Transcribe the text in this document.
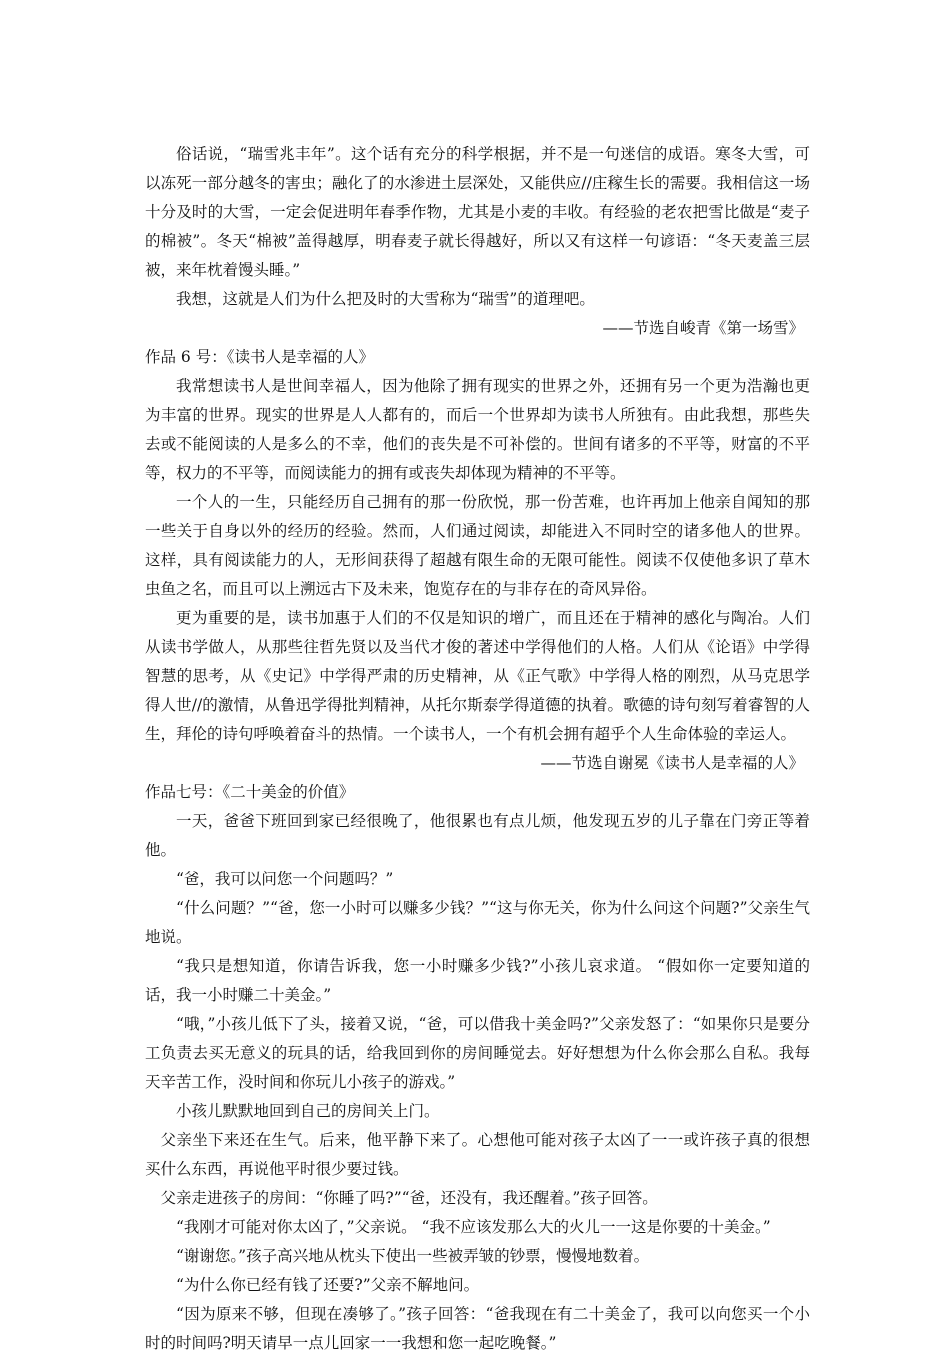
俗话说，“瑞雪兆丰年”。这个话有充分的科学根据，并不是一句迷信的成语。寒冬大雪，可以冻死一部分越冬的害虫；融化了的水渗进土层深处，又能供应//庄稼生长的需要。我相信这一场十分及时的大雪，一定会促进明年春季作物，尤其是小麦的丰收。有经验的老农把雪比做是“麦子的棉被”。冬天“棉被”盖得越厚，明春麦子就长得越好，所以又有这样一句谚语：“冬天麦盖三层被，来年枕着馒头睡。”

我想，这就是人们为什么把及时的大雪称为“瑞雪”的道理吧。

——节选自峻青《第一场雪》

作品 6 号：《读书人是幸福的人》

我常想读书人是世间幸福人，因为他除了拥有现实的世界之外，还拥有另一个更为浩瀚也更为丰富的世界。现实的世界是人人都有的，而后一个世界却为读书人所独有。由此我想，那些失去或不能阅读的人是多么的不幸，他们的丧失是不可补偿的。世间有诸多的不平等，财富的不平等，权力的不平等，而阅读能力的拥有或丧失却体现为精神的不平等。

一个人的一生，只能经历自己拥有的那一份欣悦，那一份苦难，也许再加上他亲自闻知的那一些关于自身以外的经历的经验。然而，人们通过阅读，却能进入不同时空的诸多他人的世界。这样，具有阅读能力的人，无形间获得了超越有限生命的无限可能性。阅读不仅使他多识了草木虫鱼之名，而且可以上溯远古下及未来，饱览存在的与非存在的奇风异俗。

更为重要的是，读书加惠于人们的不仅是知识的增广，而且还在于精神的感化与陶冶。人们从读书学做人，从那些往哲先贤以及当代才俊的著述中学得他们的人格。人们从《论语》中学得智慧的思考，从《史记》中学得严肃的历史精神，从《正气歌》中学得人格的刚烈，从马克思学得人世//的激情，从鲁迅学得批判精神，从托尔斯泰学得道德的执着。歌德的诗句刻写着睿智的人生，拜伦的诗句呼唤着奋斗的热情。一个读书人，一个有机会拥有超乎个人生命体验的幸运人。

——节选自谢冕《读书人是幸福的人》

作品七号：《二十美金的价值》

一天，爸爸下班回到家已经很晚了，他很累也有点儿烦，他发现五岁的儿子靠在门旁正等着他。

“爸，我可以问您一个问题吗？”

“什么问题？”“爸，您一小时可以赚多少钱？”“这与你无关，你为什么问这个问题?”父亲生气地说。

“我只是想知道，你请告诉我，您一小时赚多少钱?”小孩儿哀求道。 “假如你一定要知道的话，我一小时赚二十美金。”

“哦，”小孩儿低下了头，接着又说，“爸，可以借我十美金吗?”父亲发怒了：“如果你只是要分工负责去买无意义的玩具的话，给我回到你的房间睡觉去。好好想想为什么你会那么自私。我每天辛苦工作，没时间和你玩儿小孩子的游戏。”

小孩儿默默地回到自己的房间关上门。

父亲坐下来还在生气。后来，他平静下来了。心想他可能对孩子太凶了一一或许孩子真的很想买什么东西，再说他平时很少要过钱。

父亲走进孩子的房间：“你睡了吗?”“爸，还没有，我还醒着。”孩子回答。

“我刚才可能对你太凶了，”父亲说。 “我不应该发那么大的火儿一一这是你要的十美金。”

“谢谢您。”孩子高兴地从枕头下使出一些被弄皱的钞票，慢慢地数着。

“为什么你已经有钱了还要?”父亲不解地问。

“因为原来不够，但现在凑够了。”孩子回答：“爸我现在有二十美金了，我可以向您买一个小时的时间吗?明天请早一点儿回家一一我想和您一起吃晚餐。”
